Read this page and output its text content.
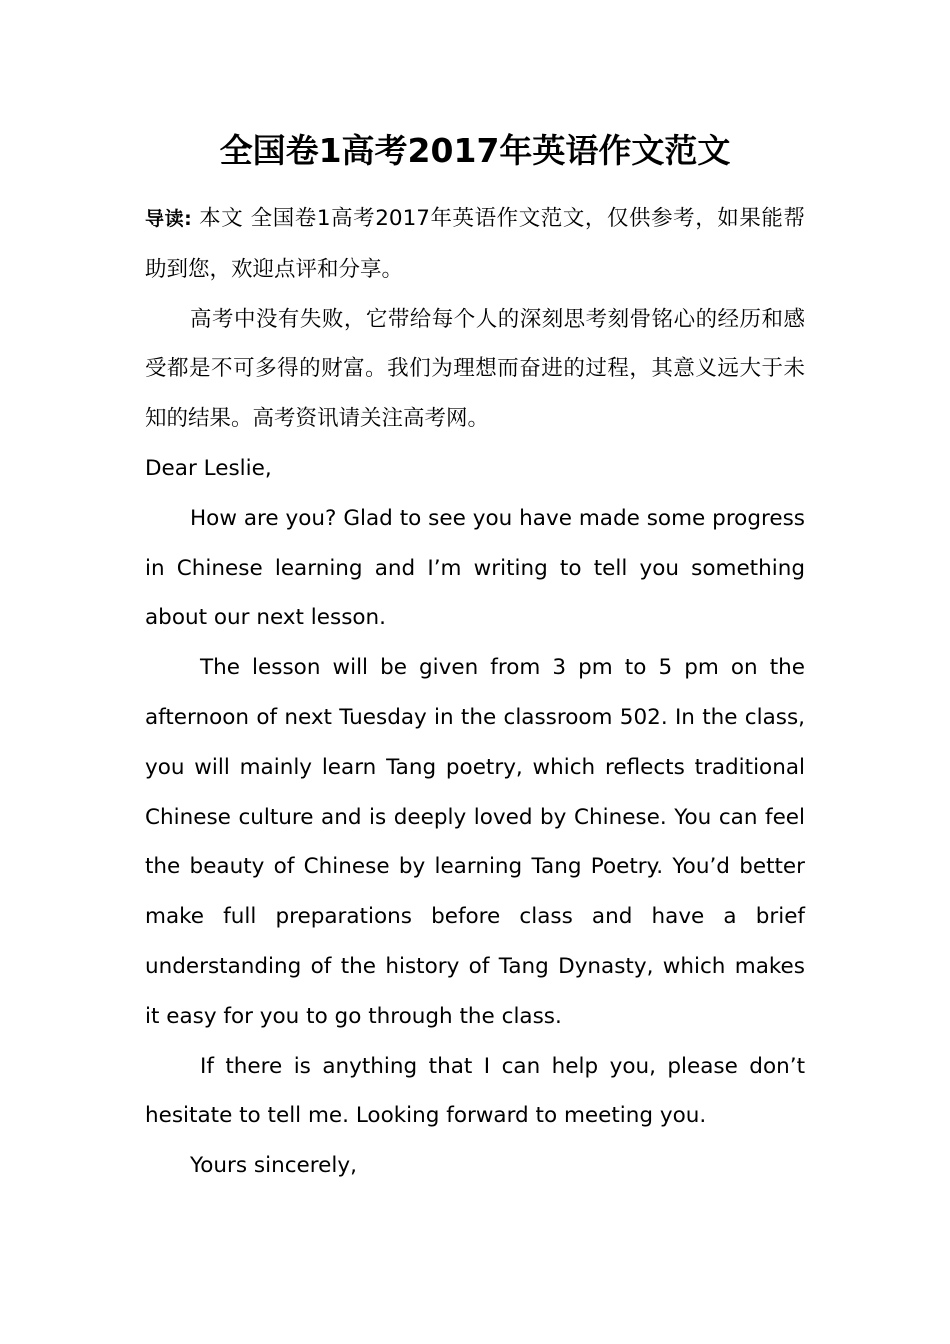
全国卷1高考2017年英语作文范文

导读: 本文 全国卷1高考2017年英语作文范文，仅供参考，如果能帮助到您，欢迎点评和分享。

高考中没有失败，它带给每个人的深刻思考刻骨铭心的经历和感受都是不可多得的财富。我们为理想而奋进的过程，其意义远大于未知的结果。高考资讯请关注高考网。

Dear Leslie,

How are you? Glad to see you have made some progress in Chinese learning and I’m writing to tell you something about our next lesson.

The lesson will be given from 3 pm to 5 pm on the afternoon of next Tuesday in the classroom 502. In the class, you will mainly learn Tang poetry, which reflects traditional Chinese culture and is deeply loved by Chinese. You can feel the beauty of Chinese by learning Tang Poetry. You’d better make full preparations before class and have a brief understanding of the history of Tang Dynasty, which makes it easy for you to go through the class.

If there is anything that I can help you, please don’t hesitate to tell me. Looking forward to meeting you.

Yours sincerely,
